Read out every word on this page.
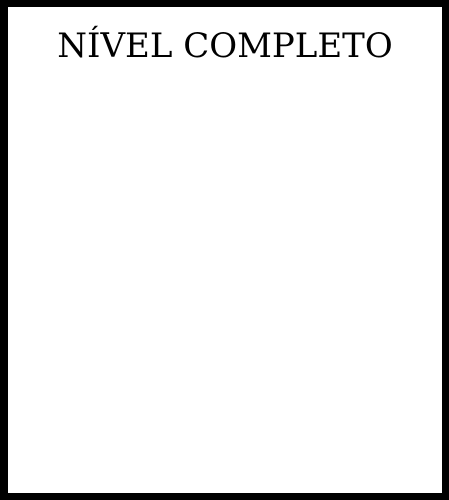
NÍVEL COMPLETO
